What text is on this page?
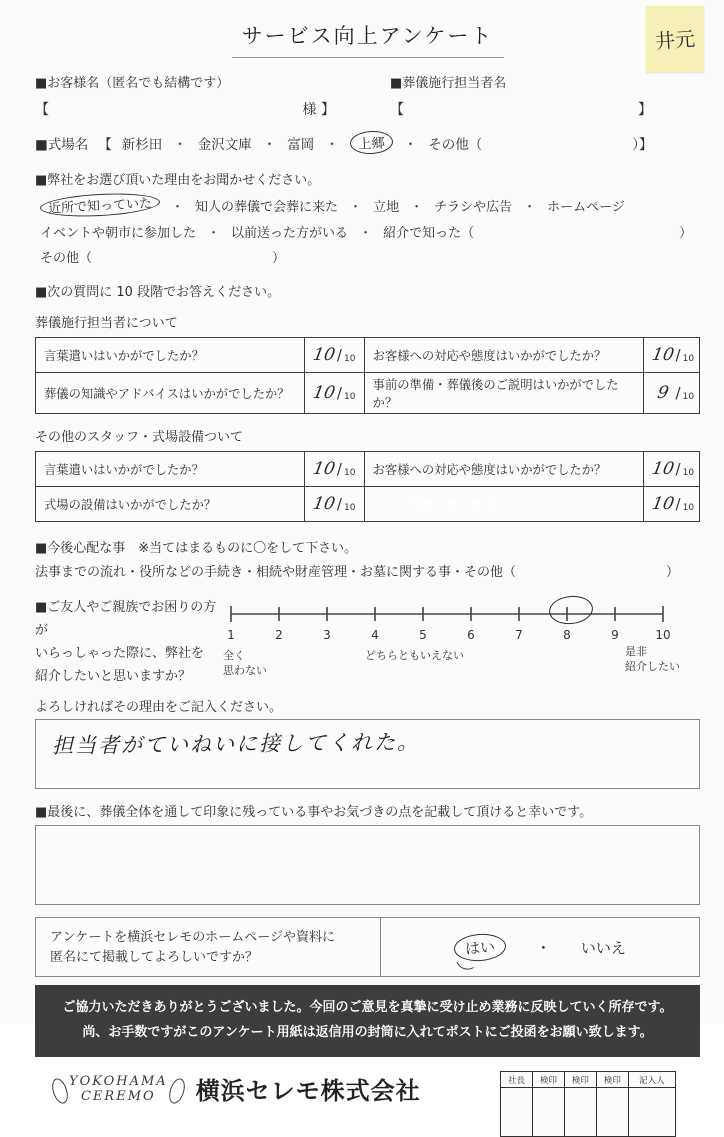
井元
サービス向上アンケート
■お客様名（匿名でも結構です）	■葬儀施行担当者名
【	様 】	【	】
■式場名 【 新杉田 ・ 金沢文庫 ・ 富岡 ・	上郷	・ その他（	）】
■弊社をお選び頂いた理由をお聞かせください。
近所で知っていた	・ 知人の葬儀で会葬に来た ・ 立地 ・ チラシや広告 ・ ホームページ
イベントや朝市に参加した ・ 以前送った方がいる ・ 紹介で知った（	）
その他（	）
■次の質問に 10 段階でお答えください。
葬儀施行担当者について
言葉遣いはいかがでしたか？	10 / 10	お客様への対応や態度はいかがでしたか？	10 / 10

葬儀の知識やアドバイスはいかがでしたか？	10 / 10	事前の準備・葬儀後のご説明はいかがでしたか？	9 / 10
その他のスタッフ・式場設備ついて
言葉遣いはいかがでしたか？	10 / 10	お客様への対応や態度はいかがでしたか？	10 / 10

式場の設備はいかがでしたか？	10 / 10	今回の葬儀の総合評価	10 / 10
■今後心配な事　※当てはまるものに〇をして下さい。
法事までの流れ・役所などの手続き・相続や財産管理・お墓に関する事・その他（	）
■ご友人やご親族でお困りの方が
いらっしゃった際に、弊社を
紹介したいと思いますか？
1	2	3	4	5	6	7	8	9	10
全く
思わない
どちらともいえない	是非
紹介したい
よろしければその理由をご記入ください。
担当者がていねいに接してくれた。
■最後に、葬儀全体を通して印象に残っている事やお気づきの点を記載して頂けると幸いです。
アンケートを横浜セレモのホームページや資料に
匿名にて掲載してよろしいですか？	はい	・ いいえ
ご協力いただきありがとうございました。今回のご意見を真摯に受け止め業務に反映していく所存です。
尚、お手数ですがこのアンケート用紙は返信用の封筒に入れてポストにご投函をお願い致します。
YOKOHAMA
CEREMO	横浜セレモ株式会社	社長	検印	検印	検印	記入人
